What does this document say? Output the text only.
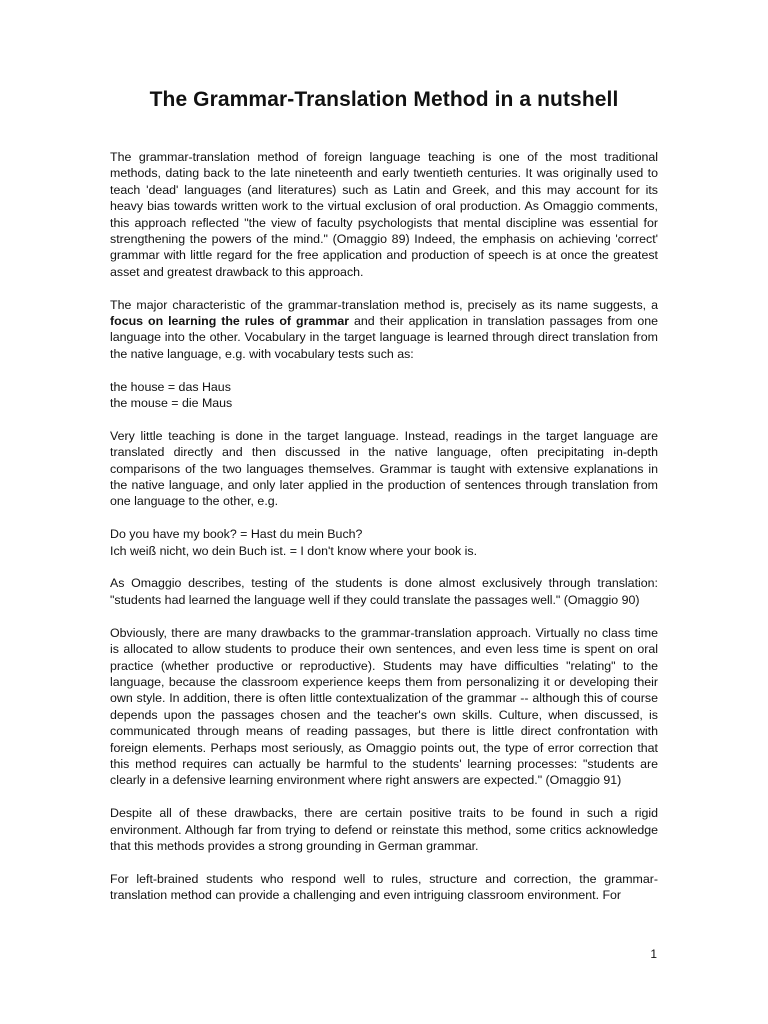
The Grammar-Translation Method in a nutshell

The grammar-translation method of foreign language teaching is one of the most traditional methods, dating back to the late nineteenth and early twentieth centuries. It was originally used to teach 'dead' languages (and literatures) such as Latin and Greek, and this may account for its heavy bias towards written work to the virtual exclusion of oral production. As Omaggio comments, this approach reflected "the view of faculty psychologists that mental discipline was essential for strengthening the powers of the mind." (Omaggio 89) Indeed, the emphasis on achieving 'correct' grammar with little regard for the free application and production of speech is at once the greatest asset and greatest drawback to this approach.

The major characteristic of the grammar-translation method is, precisely as its name suggests, a focus on learning the rules of grammar and their application in translation passages from one language into the other. Vocabulary in the target language is learned through direct translation from the native language, e.g. with vocabulary tests such as:

the house = das Haus
the mouse = die Maus

Very little teaching is done in the target language. Instead, readings in the target language are translated directly and then discussed in the native language, often precipitating in-depth comparisons of the two languages themselves. Grammar is taught with extensive explanations in the native language, and only later applied in the production of sentences through translation from one language to the other, e.g.

Do you have my book? = Hast du mein Buch?
Ich weiß nicht, wo dein Buch ist. = I don't know where your book is.

As Omaggio describes, testing of the students is done almost exclusively through translation: "students had learned the language well if they could translate the passages well." (Omaggio 90)

Obviously, there are many drawbacks to the grammar-translation approach. Virtually no class time is allocated to allow students to produce their own sentences, and even less time is spent on oral practice (whether productive or reproductive). Students may have difficulties "relating" to the language, because the classroom experience keeps them from personalizing it or developing their own style. In addition, there is often little contextualization of the grammar -- although this of course depends upon the passages chosen and the teacher's own skills. Culture, when discussed, is communicated through means of reading passages, but there is little direct confrontation with foreign elements. Perhaps most seriously, as Omaggio points out, the type of error correction that this method requires can actually be harmful to the students' learning processes: "students are clearly in a defensive learning environment where right answers are expected." (Omaggio 91)

Despite all of these drawbacks, there are certain positive traits to be found in such a rigid environment. Although far from trying to defend or reinstate this method, some critics acknowledge that this methods provides a strong grounding in German grammar.

For left-brained students who respond well to rules, structure and correction, the grammar-translation method can provide a challenging and even intriguing classroom environment. For

1
